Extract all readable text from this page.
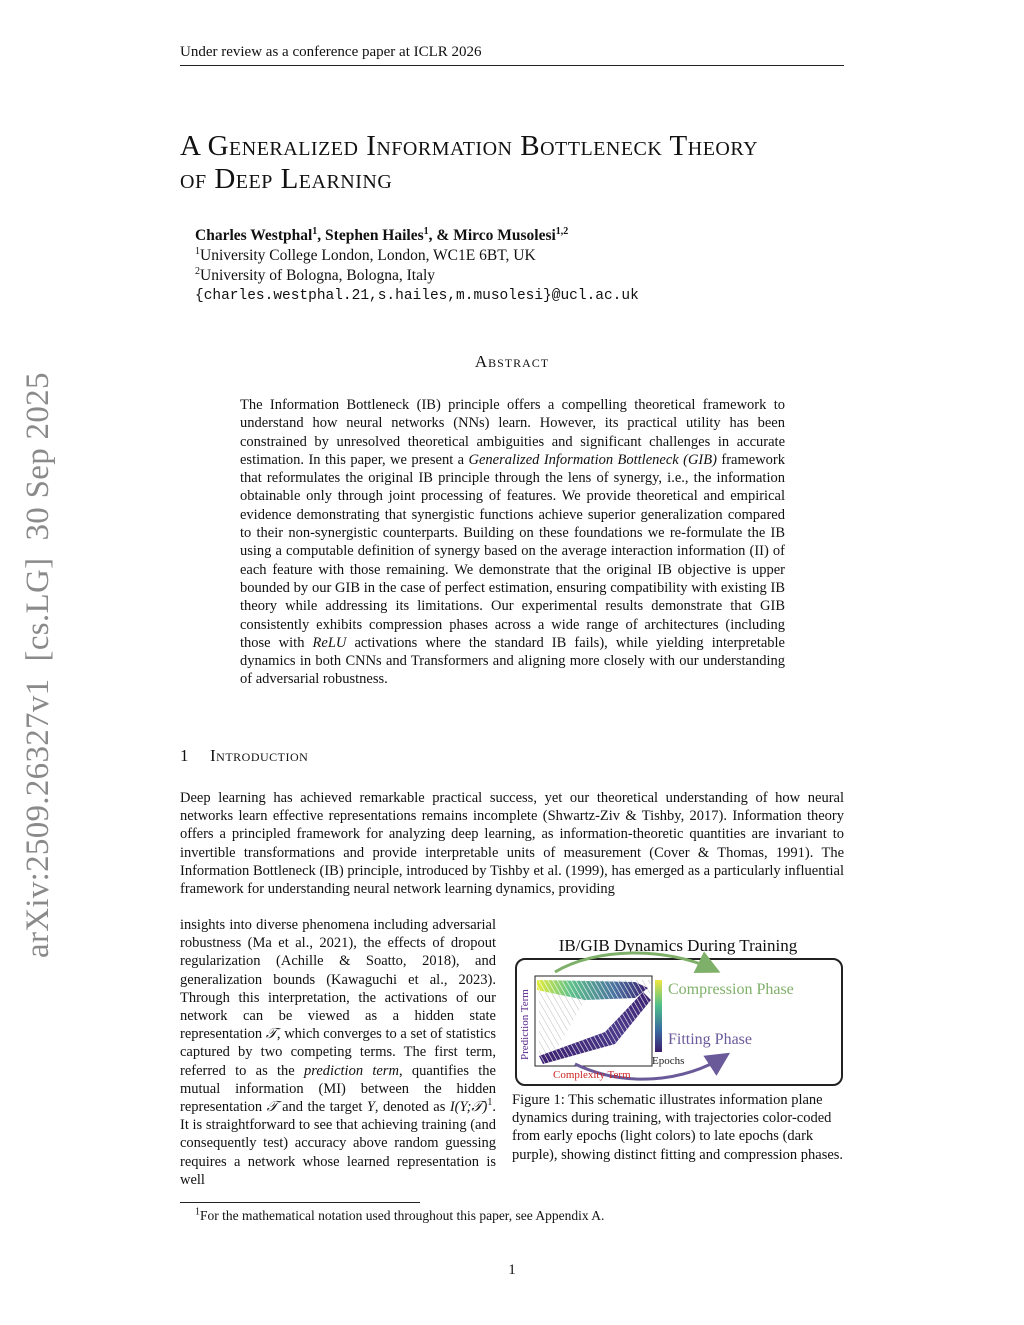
Under review as a conference paper at ICLR 2026
arXiv:2509.26327v1  [cs.LG]  30 Sep 2025
A Generalized Information Bottleneck Theory
of Deep Learning
Charles Westphal$^1$, Stephen Hailes$^1$, & Mirco Musolesi$^{1,2}$
$^1$University College London, London, WC1E 6BT, UK
$^2$University of Bologna, Bologna, Italy
{charles.westphal.21,s.hailes,m.musolesi}@ucl.ac.uk
Abstract
The Information Bottleneck (IB) principle offers a compelling theoretical framework to understand how neural networks (NNs) learn. However, its practical utility has been constrained by unresolved theoretical ambiguities and significant challenges in accurate estimation. In this paper, we present a Generalized Information Bottleneck (GIB) framework that reformulates the original IB principle through the lens of synergy, i.e., the information obtainable only through joint processing of features. We provide theoretical and empirical evidence demonstrating that synergistic functions achieve superior generalization compared to their non-synergistic counterparts. Building on these foundations we re-formulate the IB using a computable definition of synergy based on the average interaction information (II) of each feature with those remaining. We demonstrate that the original IB objective is upper bounded by our GIB in the case of perfect estimation, ensuring compatibility with existing IB theory while addressing its limitations. Our experimental results demonstrate that GIB consistently exhibits compression phases across a wide range of architectures (including those with ReLU activations where the standard IB fails), while yielding interpretable dynamics in both CNNs and Transformers and aligning more closely with our understanding of adversarial robustness.
1 Introduction
Deep learning has achieved remarkable practical success, yet our theoretical understanding of how neural networks learn effective representations remains incomplete (Shwartz-Ziv & Tishby, 2017). Information theory offers a principled framework for analyzing deep learning, as information-theoretic quantities are invariant to invertible transformations and provide interpretable units of measurement (Cover & Thomas, 1991). The Information Bottleneck (IB) principle, introduced by Tishby et al. (1999), has emerged as a particularly influential framework for understanding neural network learning dynamics, providing
insights into diverse phenomena including adversarial robustness (Ma et al., 2021), the effects of dropout regularization (Achille & Soatto, 2018), and generalization bounds (Kawaguchi et al., 2023). Through this interpretation, the activations of our network can be viewed as a hidden state representation 𝒯, which converges to a set of statistics captured by two competing terms. The first term, referred to as the prediction term, quantifies the mutual information (MI) between the hidden representation 𝒯 and the target Y, denoted as I(Y;𝒯)$^1$. It is straightforward to see that achieving training (and consequently test) accuracy above random guessing requires a network whose learned representation is well
IB/GIB Dynamics During Training
Prediction Term
Complexity Term
Epochs
Compression Phase
Fitting Phase
Figure 1: This schematic illustrates information plane dynamics during training, with trajectories color-coded from early epochs (light colors) to late epochs (dark purple), showing distinct fitting and compression phases.
$^1$For the mathematical notation used throughout this paper, see Appendix A.
1
